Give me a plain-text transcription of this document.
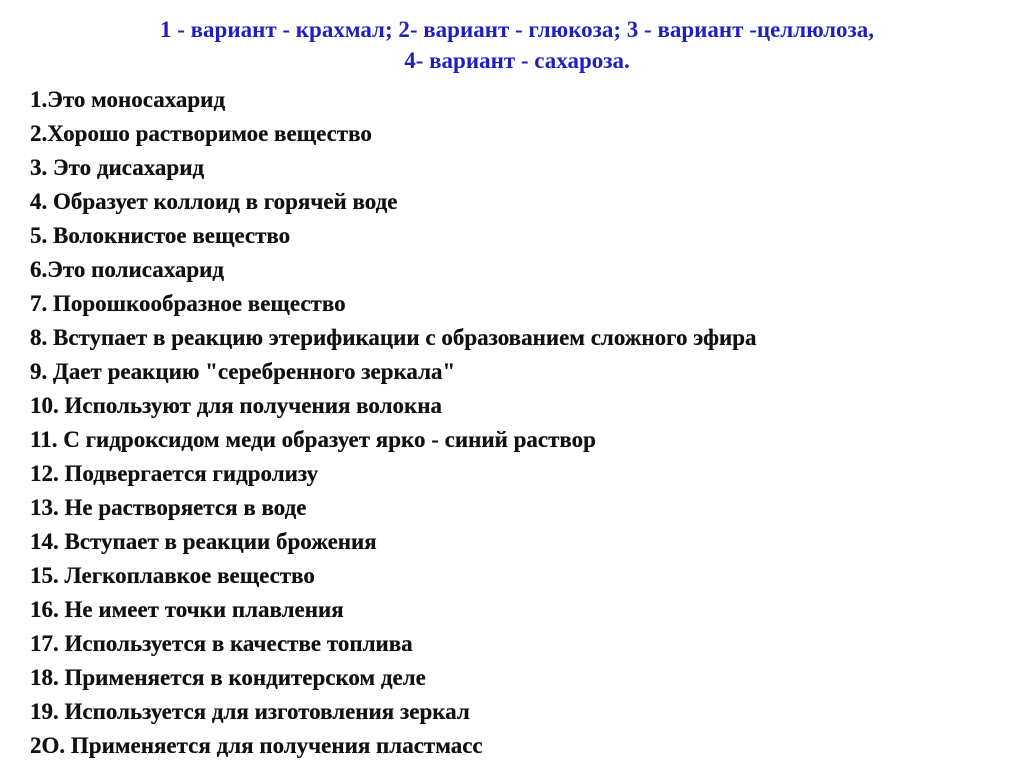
1 - вариант - крахмал; 2- вариант - глюкоза; 3 - вариант -целлюлоза,
4- вариант - сахароза.
1.Это моносахарид
2.Хорошо растворимое вещество
3. Это дисахарид
4. Образует коллоид в горячей воде
5. Волокнистое вещество
6.Это полисахарид
7. Порошкообразное вещество
8. Вступает в реакцию этерификации с образованием сложного эфира
9. Дает реакцию "серебренного зеркала"
10. Используют для получения волокна
11. С гидроксидом меди образует ярко - синий раствор
12. Подвергается гидролизу
13. Не растворяется в воде
14. Вступает в реакции брожения
15. Легкоплавкое вещество
16. Не имеет точки плавления
17. Используется в качестве топлива
18. Применяется в кондитерском деле
19. Используется для изготовления зеркал
2О. Применяется для получения пластмасс
